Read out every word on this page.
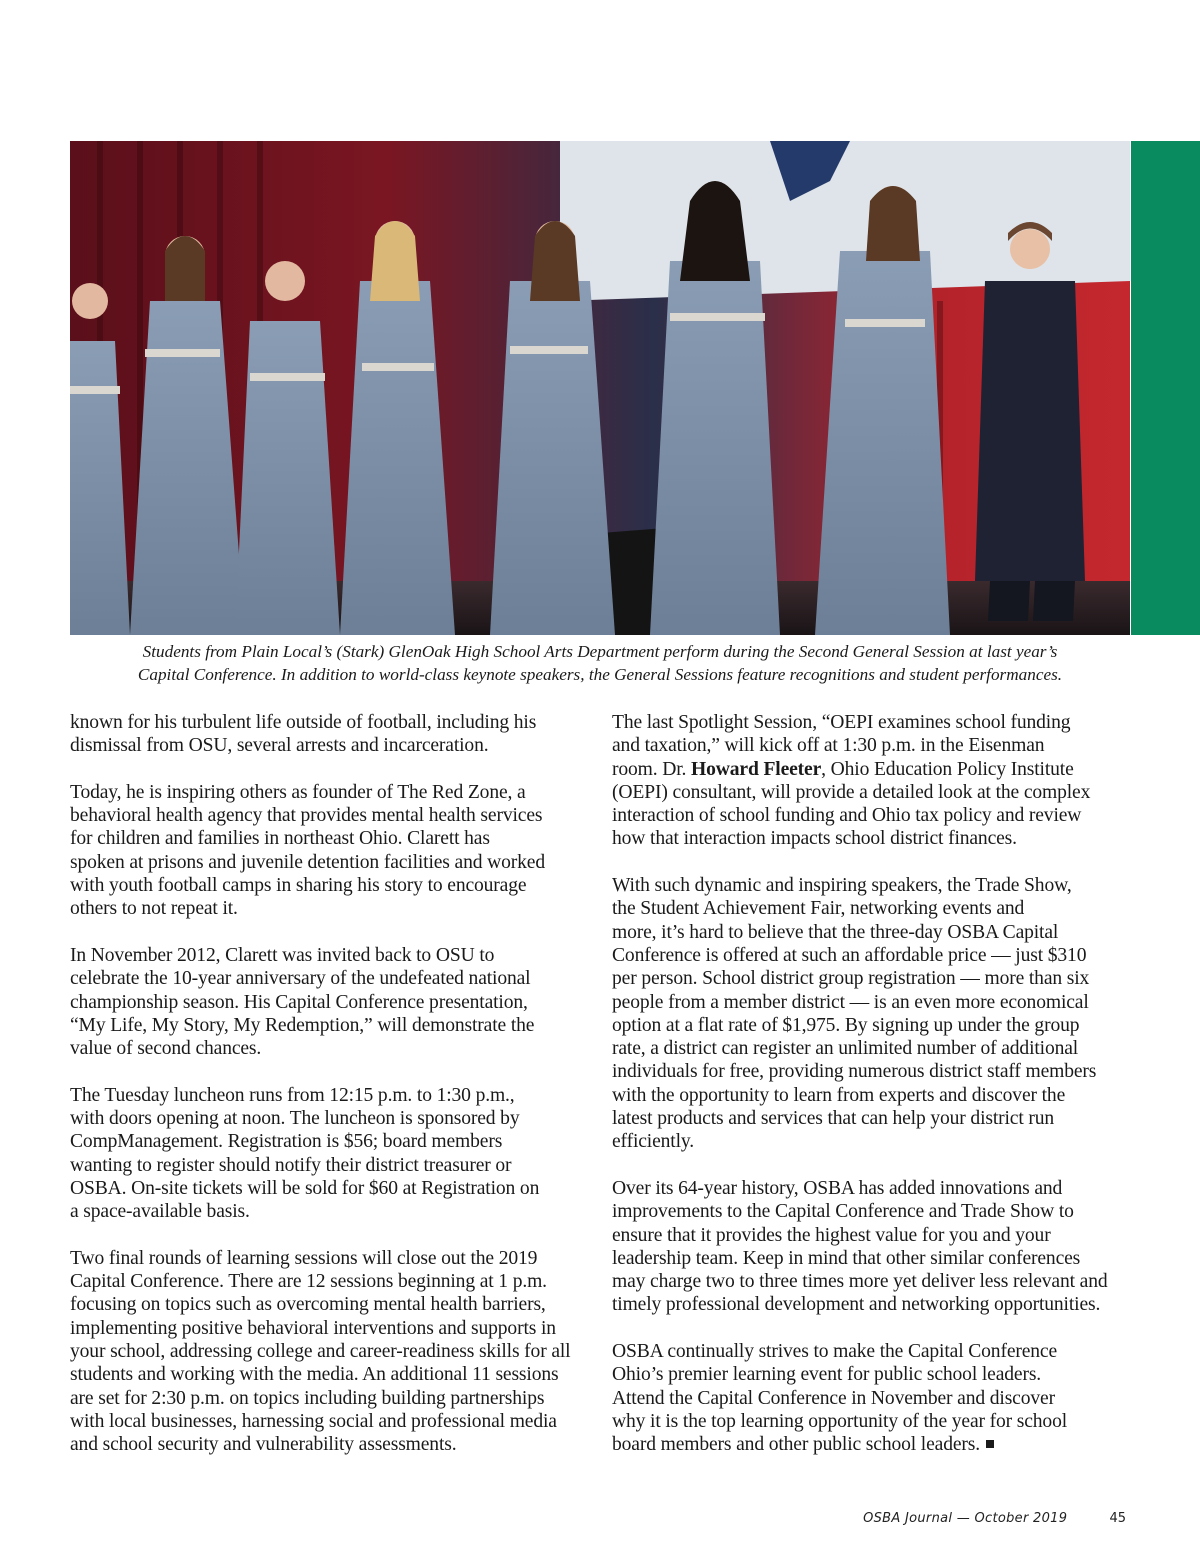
Students from Plain Local’s (Stark) GlenOak High School Arts Department perform during the Second General Session at last year’s
Capital Conference. In addition to world-class keynote speakers, the General Sessions feature recognitions and student performances.

known for his turbulent life outside of football, including his
dismissal from OSU, several arrests and incarceration.

Today, he is inspiring others as founder of The Red Zone, a
behavioral health agency that provides mental health services
for children and families in northeast Ohio. Clarett has
spoken at prisons and juvenile detention facilities and worked
with youth football camps in sharing his story to encourage
others to not repeat it.

In November 2012, Clarett was invited back to OSU to
celebrate the 10-year anniversary of the undefeated national
championship season. His Capital Conference presentation,
“My Life, My Story, My Redemption,” will demonstrate the
value of second chances.

The Tuesday luncheon runs from 12:15 p.m. to 1:30 p.m.,
with doors opening at noon. The luncheon is sponsored by
CompManagement. Registration is $56; board members
wanting to register should notify their district treasurer or
OSBA. On-site tickets will be sold for $60 at Registration on
a space-available basis.

Two final rounds of learning sessions will close out the 2019
Capital Conference. There are 12 sessions beginning at 1 p.m.
focusing on topics such as overcoming mental health barriers,
implementing positive behavioral interventions and supports in
your school, addressing college and career-readiness skills for all
students and working with the media. An additional 11 sessions
are set for 2:30 p.m. on topics including building partnerships
with local businesses, harnessing social and professional media
and school security and vulnerability assessments.

The last Spotlight Session, “OEPI examines school funding
and taxation,” will kick off at 1:30 p.m. in the Eisenman
room. Dr. Howard Fleeter, Ohio Education Policy Institute
(OEPI) consultant, will provide a detailed look at the complex
interaction of school funding and Ohio tax policy and review
how that interaction impacts school district finances.

With such dynamic and inspiring speakers, the Trade Show,
the Student Achievement Fair, networking events and
more, it’s hard to believe that the three-day OSBA Capital
Conference is offered at such an affordable price — just $310
per person. School district group registration — more than six
people from a member district — is an even more economical
option at a flat rate of $1,975. By signing up under the group
rate, a district can register an unlimited number of additional
individuals for free, providing numerous district staff members
with the opportunity to learn from experts and discover the
latest products and services that can help your district run
efficiently.

Over its 64-year history, OSBA has added innovations and
improvements to the Capital Conference and Trade Show to
ensure that it provides the highest value for you and your
leadership team. Keep in mind that other similar conferences
may charge two to three times more yet deliver less relevant and
timely professional development and networking opportunities.

OSBA continually strives to make the Capital Conference
Ohio’s premier learning event for public school leaders.
Attend the Capital Conference in November and discover
why it is the top learning opportunity of the year for school
board members and other public school leaders.

OSBA Journal — October 2019	45
